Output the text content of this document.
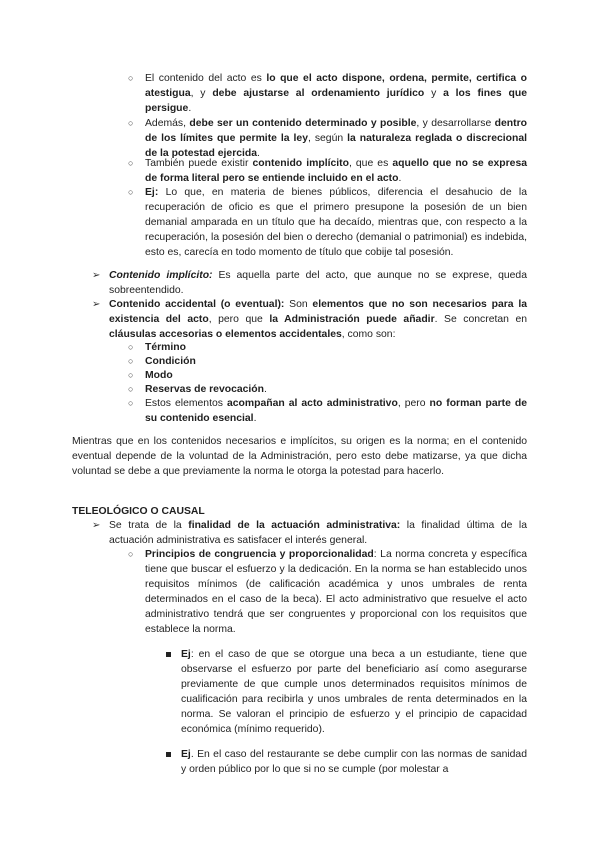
○ El contenido del acto es lo que el acto dispone, ordena, permite, certifica o atestigua, y debe ajustarse al ordenamiento jurídico y a los fines que persigue.

○ Además, debe ser un contenido determinado y posible, y desarrollarse dentro de los límites que permite la ley, según la naturaleza reglada o discrecional de la potestad ejercida.

○ También puede existir contenido implícito, que es aquello que no se expresa de forma literal pero se entiende incluido en el acto.

○ Ej: Lo que, en materia de bienes públicos, diferencia el desahucio de la recuperación de oficio es que el primero presupone la posesión de un bien demanial amparada en un título que ha decaído, mientras que, con respecto a la recuperación, la posesión del bien o derecho (demanial o patrimonial) es indebida, esto es, carecía en todo momento de título que cobije tal posesión.

➢ Contenido implícito: Es aquella parte del acto, que aunque no se exprese, queda sobreentendido.

➢ Contenido accidental (o eventual): Son elementos que no son necesarios para la existencia del acto, pero que la Administración puede añadir. Se concretan en cláusulas accesorias o elementos accidentales, como son:

○ Término

○ Condición

○ Modo

○ Reservas de revocación.

○ Estos elementos acompañan al acto administrativo, pero no forman parte de su contenido esencial.

Mientras que en los contenidos necesarios e implícitos, su origen es la norma; en el contenido eventual depende de la voluntad de la Administración, pero esto debe matizarse, ya que dicha voluntad se debe a que previamente la norma le otorga la potestad para hacerlo.

TELEOLÓGICO O CAUSAL

➢ Se trata de la finalidad de la actuación administrativa: la finalidad última de la actuación administrativa es satisfacer el interés general.

○ Principios de congruencia y proporcionalidad: La norma concreta y específica tiene que buscar el esfuerzo y la dedicación. En la norma se han establecido unos requisitos mínimos (de calificación académica y unos umbrales de renta determinados en el caso de la beca). El acto administrativo que resuelve el acto administrativo tendrá que ser congruentes y proporcional con los requisitos que establece la norma.

Ej: en el caso de que se otorgue una beca a un estudiante, tiene que observarse el esfuerzo por parte del beneficiario así como asegurarse previamente de que cumple unos determinados requisitos mínimos de cualificación para recibirla y unos umbrales de renta determinados en la norma. Se valoran el principio de esfuerzo y el principio de capacidad económica (mínimo requerido).

Ej. En el caso del restaurante se debe cumplir con las normas de sanidad y orden público por lo que si no se cumple (por molestar a
